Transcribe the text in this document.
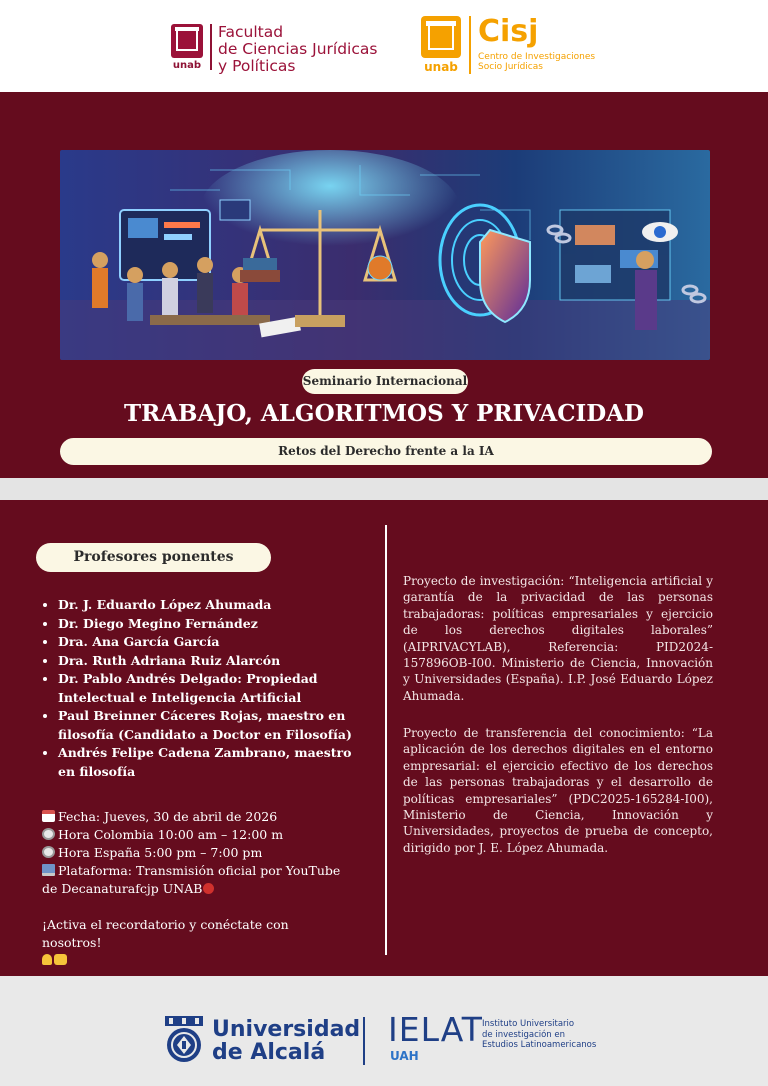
unab
Facultad
de Ciencias Jurídicas
y Políticas	unab
Cisj
Centro de Investigaciones
Socio Jurídicas
Seminario Internacional
TRABAJO, ALGORITMOS Y PRIVACIDAD
Retos del Derecho frente a la IA
Profesores ponentes
• Dr. J. Eduardo López Ahumada
• Dr. Diego Megino Fernández
• Dra. Ana García García
• Dra. Ruth Adriana Ruiz Alarcón
• Dr. Pablo Andrés Delgado: Propiedad Intelectual e Inteligencia Artificial
• Paul Breinner Cáceres Rojas, maestro en filosofía (Candidato a Doctor en Filosofía)
• Andrés Felipe Cadena Zambrano, maestro en filosofía
Fecha: Jueves, 30 de abril de 2026
Hora Colombia 10:00 am – 12:00 m
Hora España 5:00 pm – 7:00 pm
Plataforma: Transmisión oficial por YouTube
de Decanaturafcjp UNAB
¡Activa el recordatorio y conéctate con nosotros!

Proyecto de investigación: “Inteligencia artificial y garantía de la privacidad de las personas trabajadoras: políticas empresariales y ejercicio de los derechos digitales laborales” (AIPRIVACYLAB), Referencia: PID2024-157896OB-I00. Ministerio de Ciencia, Innovación y Universidades (España). I.P. José Eduardo López Ahumada.

Proyecto de transferencia del conocimiento: “La aplicación de los derechos digitales en el entorno empresarial: el ejercicio efectivo de los derechos de las personas trabajadoras y el desarrollo de políticas empresariales” (PDC2025-165284-I00), Ministerio de Ciencia, Innovación y Universidades, proyectos de prueba de concepto, dirigido por J. E. López Ahumada.

Universidad
de Alcalá
IELAT
UAH
Instituto Universitario
de investigación en
Estudios Latinoamericanos
